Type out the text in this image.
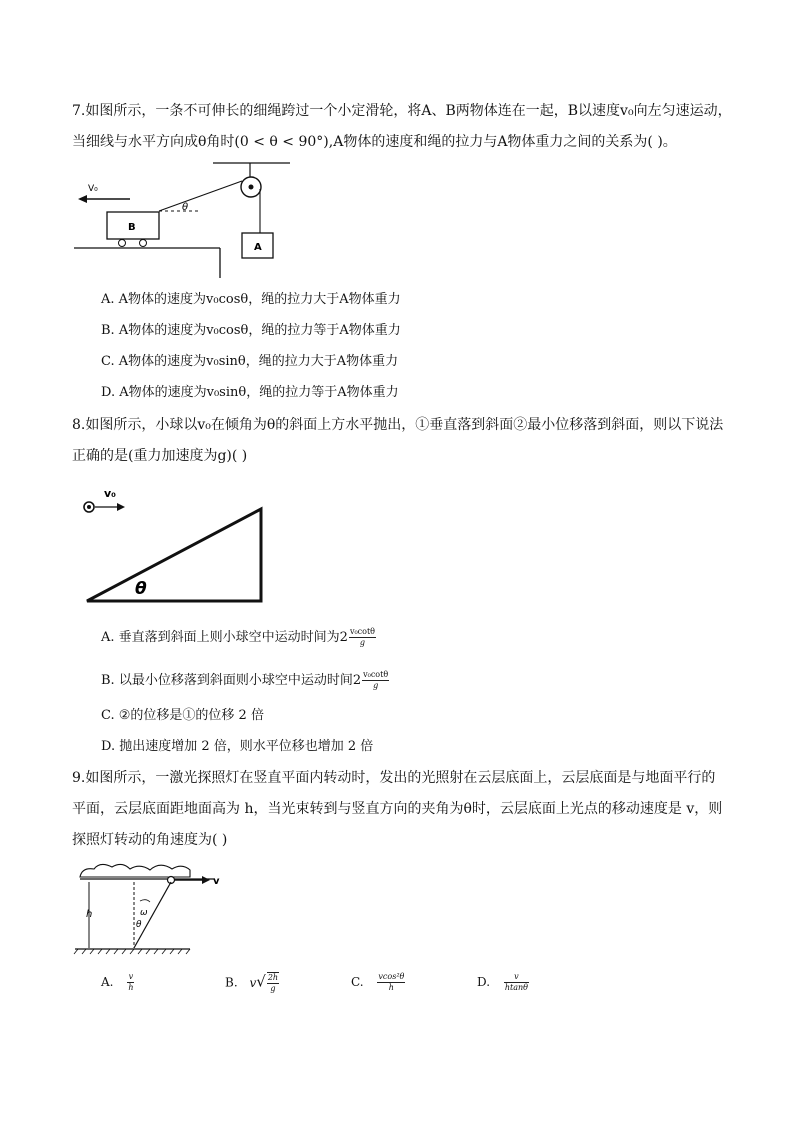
7.如图所示，一条不可伸长的细绳跨过一个小定滑轮，将A、B两物体连在一起，B以速度v₀向左匀速运动，
当细线与水平方向成θ角时(0 < θ < 90°),A物体的速度和绳的拉力与A物体重力之间的关系为( )。
A
B
θ
V₀
A. A物体的速度为v₀cosθ，绳的拉力大于A物体重力
B. A物体的速度为v₀cosθ，绳的拉力等于A物体重力
C. A物体的速度为v₀sinθ，绳的拉力大于A物体重力
D. A物体的速度为v₀sinθ，绳的拉力等于A物体重力
8.如图所示，小球以v₀在倾角为θ的斜面上方水平抛出，①垂直落到斜面②最小位移落到斜面，则以下说法
正确的是(重力加速度为g)( )
v₀
θ
A. 垂直落到斜面上则小球空中运动时间为$2 \frac{\text{v₀cotθ}}{g}$
B. 以最小位移落到斜面则小球空中运动时间$2 \frac{\text{v₀cotθ}}{g}$
C. ②的位移是①的位移 2 倍
D. 抛出速度增加 2 倍，则水平位移也增加 2 倍
9.如图所示，一激光探照灯在竖直平面内转动时，发出的光照射在云层底面上，云层底面是与地面平行的
平面，云层底面距地面高为 h，当光束转到与竖直方向的夹角为θ时，云层底面上光点的移动速度是 v，则
探照灯转动的角速度为( )
v
h	ω
θ
A. $\frac{v}{h}$	B. $v√ \frac{2h}{g}$	C. $\frac{\text{vcos²θ}}{h}$	D. $\frac{v}{htan\theta}$
